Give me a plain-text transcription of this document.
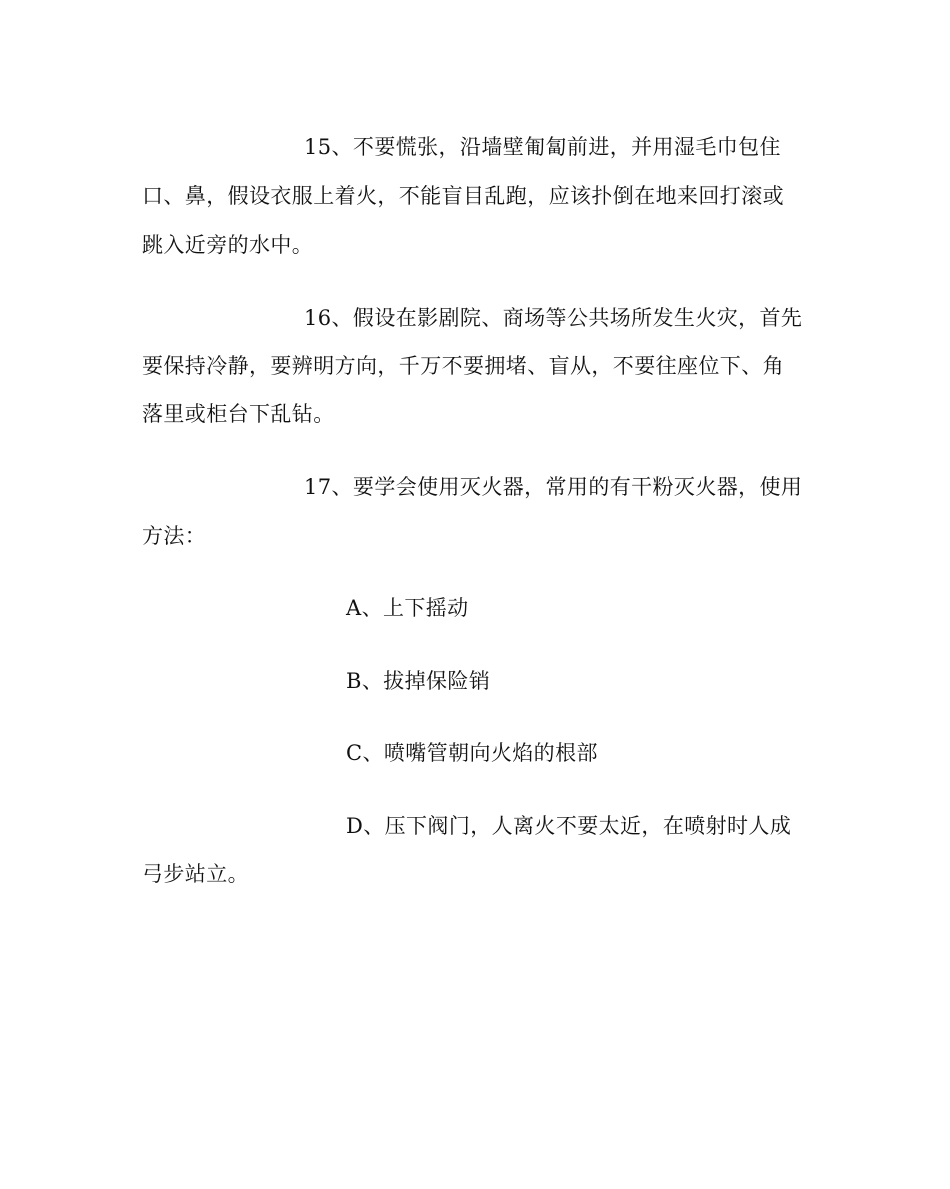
15、不要慌张，沿墙壁匍匐前进，并用湿毛巾包住
口、鼻，假设衣服上着火，不能盲目乱跑，应该扑倒在地来回打滚或
跳入近旁的水中。
16、假设在影剧院、商场等公共场所发生火灾，首先
要保持冷静，要辨明方向，千万不要拥堵、盲从，不要往座位下、角
落里或柜台下乱钻。
17、要学会使用灭火器，常用的有干粉灭火器，使用
方法：
A、上下摇动
B、拔掉保险销
C、喷嘴管朝向火焰的根部
D、压下阀门，人离火不要太近，在喷射时人成
弓步站立。
